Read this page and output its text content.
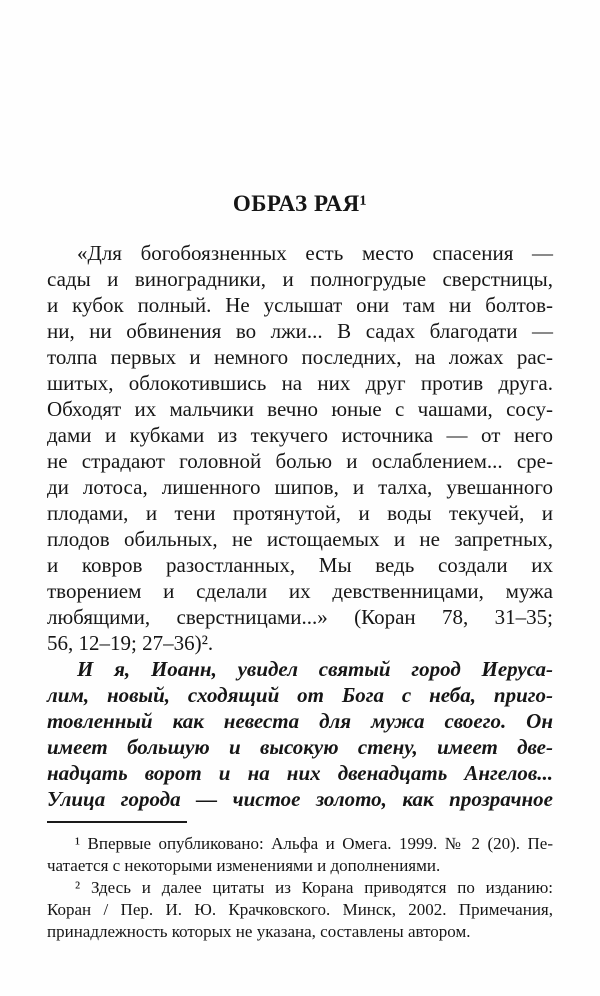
ОБРАЗ РАЯ¹
«Для богобоязненных есть место спасения —
сады и виноградники, и полногрудые сверстницы,
и кубок полный. Не услышат они там ни болтов-
ни, ни обвинения во лжи... В садах благодати —
толпа первых и немного последних, на ложах рас-
шитых, облокотившись на них друг против друга.
Обходят их мальчики вечно юные с чашами, сосу-
дами и кубками из текучего источника — от него
не страдают головной болью и ослаблением... сре-
ди лотоса, лишенного шипов, и талха, увешанного
плодами, и тени протянутой, и воды текучей, и
плодов обильных, не истощаемых и не запретных,
и ковров разостланных, Мы ведь создали их
творением и сделали их девственницами, мужа
любящими, сверстницами...» (Коран 78, 31–35;
56, 12–19; 27–36)².
И я, Иоанн, увидел святый город Иеруса-
лим, новый, сходящий от Бога с неба, приго-
товленный как невеста для мужа своего. Он
имеет большую и высокую стену, имеет две-
надцать ворот и на них двенадцать Ангелов...
Улица города — чистое золото, как прозрачное
¹ Впервые опубликовано: Альфа и Омега. 1999. № 2 (20). Пе-
чатается с некоторыми изменениями и дополнениями.
² Здесь и далее цитаты из Корана приводятся по изданию:
Коран / Пер. И. Ю. Крачковского. Минск, 2002. Примечания,
принадлежность которых не указана, составлены автором.
